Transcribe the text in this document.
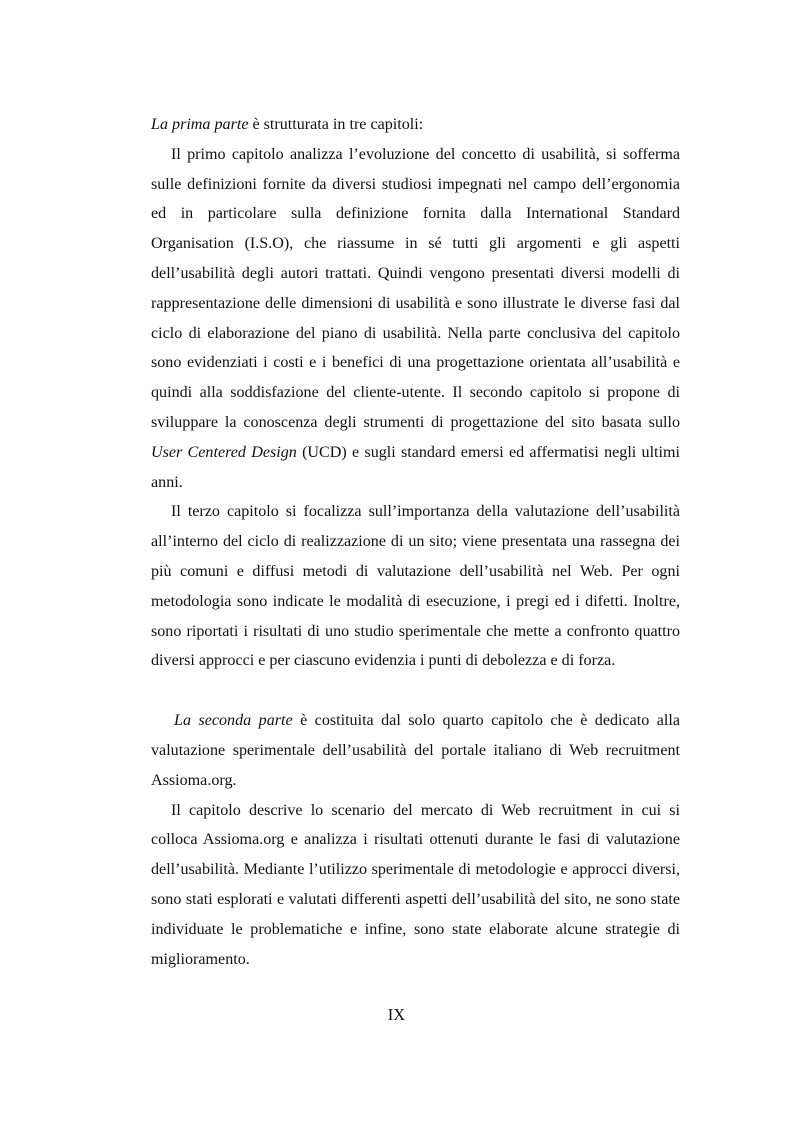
La prima parte è strutturata in tre capitoli:

Il primo capitolo analizza l’evoluzione del concetto di usabilità, si sofferma sulle definizioni fornite da diversi studiosi impegnati nel campo dell’ergonomia ed in particolare sulla definizione fornita dalla International Standard Organisation (I.S.O), che riassume in sé tutti gli argomenti e gli aspetti dell’usabilità degli autori trattati. Quindi vengono presentati diversi modelli di rappresentazione delle dimensioni di usabilità e sono illustrate le diverse fasi dal ciclo di elaborazione del piano di usabilità. Nella parte conclusiva del capitolo sono evidenziati i costi e i benefici di una progettazione orientata all’usabilità e quindi alla soddisfazione del cliente-utente. Il secondo capitolo si propone di sviluppare la conoscenza degli strumenti di progettazione del sito basata sullo User Centered Design (UCD) e sugli standard emersi ed affermatisi negli ultimi anni.

Il terzo capitolo si focalizza sull’importanza della valutazione dell’usabilità all’interno del ciclo di realizzazione di un sito; viene presentata una rassegna dei più comuni e diffusi metodi di valutazione dell’usabilità nel Web. Per ogni metodologia sono indicate le modalità di esecuzione, i pregi ed i difetti. Inoltre, sono riportati i risultati di uno studio sperimentale che mette a confronto quattro diversi approcci e per ciascuno evidenzia i punti di debolezza e di forza.

La seconda parte è costituita dal solo quarto capitolo che è dedicato alla valutazione sperimentale dell’usabilità del portale italiano di Web recruitment Assioma.org.

Il capitolo descrive lo scenario del mercato di Web recruitment in cui si colloca Assioma.org e analizza i risultati ottenuti durante le fasi di valutazione dell’usabilità. Mediante l’utilizzo sperimentale di metodologie e approcci diversi, sono stati esplorati e valutati differenti aspetti dell’usabilità del sito, ne sono state individuate le problematiche e infine, sono state elaborate alcune strategie di miglioramento.

IX
